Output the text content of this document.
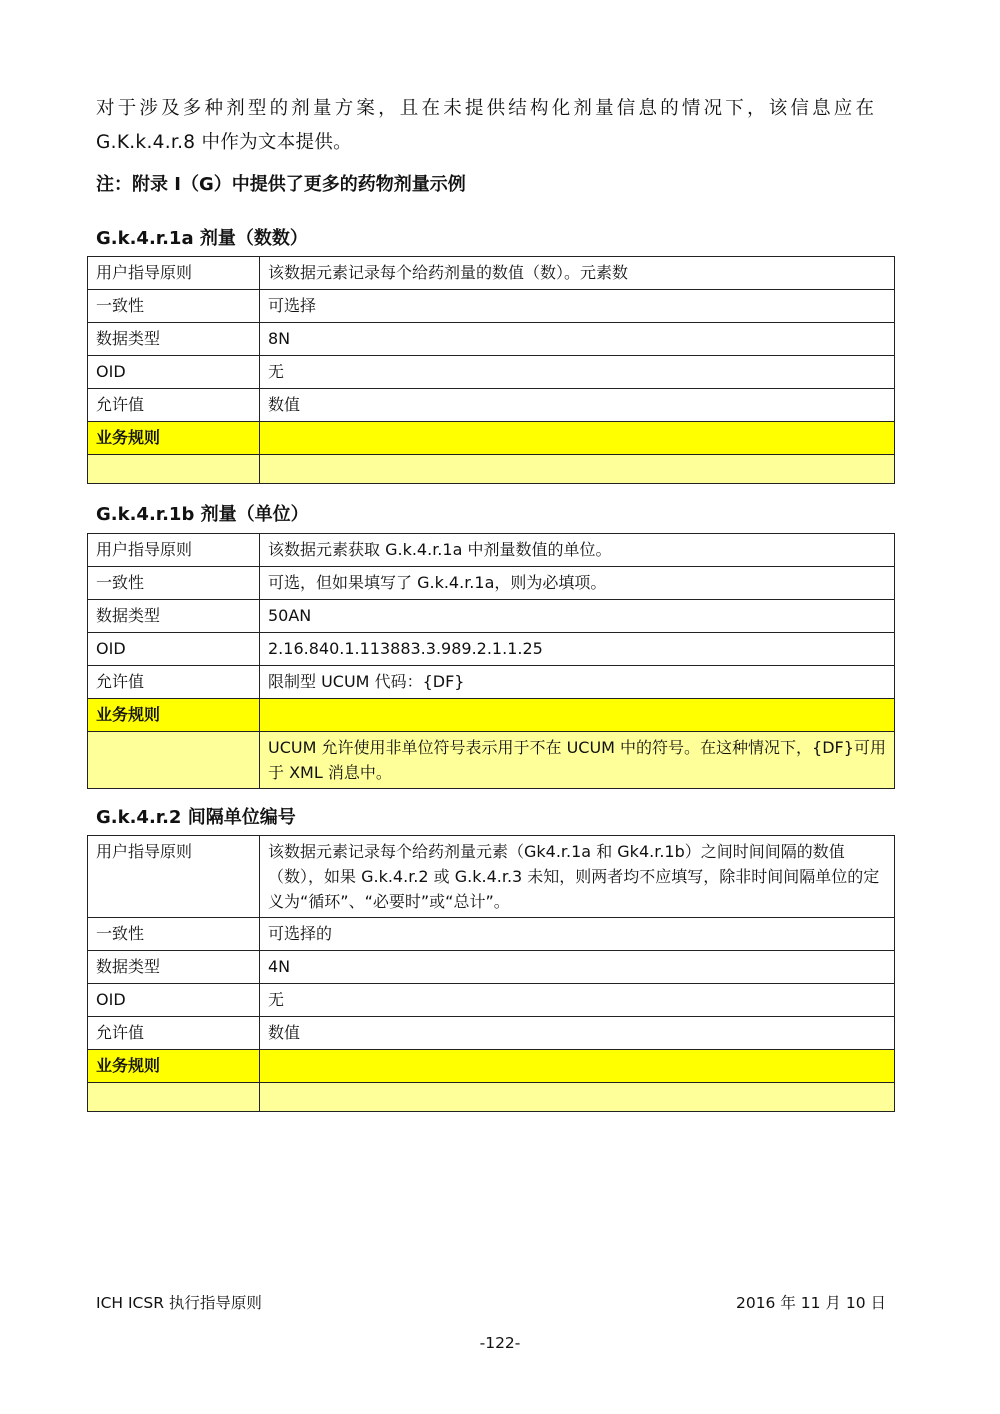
对于涉及多种剂型的剂量方案，且在未提供结构化剂量信息的情况下，该信息应在
G.K.k.4.r.8 中作为文本提供。

注：附录 I（G）中提供了更多的药物剂量示例

G.k.4.r.1a 剂量（数数）

用户指导原则	该数据元素记录每个给药剂量的数值（数）。元素数
一致性	可选择
数据类型	8N
OID	无
允许值	数值
业务规则	

G.k.4.r.1b 剂量（单位）

用户指导原则	该数据元素获取 G.k.4.r.1a 中剂量数值的单位。
一致性	可选，但如果填写了 G.k.4.r.1a，则为必填项。
数据类型	50AN
OID	2.16.840.1.113883.3.989.2.1.1.25
允许值	限制型 UCUM 代码：{DF}
业务规则	
	UCUM 允许使用非单位符号表示用于不在 UCUM 中的符号。在这种情况下，{DF}可用于 XML 消息中。

G.k.4.r.2 间隔单位编号

用户指导原则	该数据元素记录每个给药剂量元素（Gk4.r.1a 和 Gk4.r.1b）之间时间间隔的数值（数），如果 G.k.4.r.2 或 G.k.4.r.3 未知，则两者均不应填写，除非时间间隔单位的定义为“循环”、“必要时”或“总计”。
一致性	可选择的
数据类型	4N
OID	无
允许值	数值
业务规则	

ICH ICSR 执行指导原则	2016 年 11 月 10 日
-122-
